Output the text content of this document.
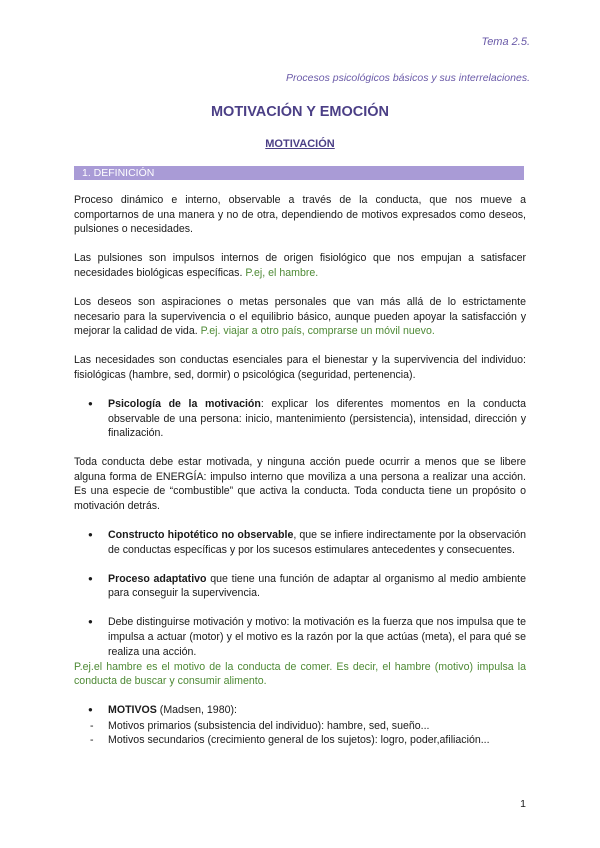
Tema 2.5.
Procesos psicológicos básicos y sus interrelaciones.
MOTIVACIÓN Y EMOCIÓN
MOTIVACIÓN
1. DEFINICIÓN

Proceso dinámico e interno, observable a través de la conducta, que nos mueve a comportarnos de una manera y no de otra, dependiendo de motivos expresados como deseos, pulsiones o necesidades.

Las pulsiones son impulsos internos de origen fisiológico que nos empujan a satisfacer necesidades biológicas específicas. P.ej, el hambre.

Los deseos son aspiraciones o metas personales que van más allá de lo estrictamente necesario para la supervivencia o el equilibrio básico, aunque pueden apoyar la satisfacción y mejorar la calidad de vida. P.ej. viajar a otro país, comprarse un móvil nuevo.

Las necesidades son conductas esenciales para el bienestar y la supervivencia del individuo: fisiológicas (hambre, sed, dormir) o psicológica (seguridad, pertenencia).

● Psicología de la motivación: explicar los diferentes momentos en la conducta observable de una persona: inicio, mantenimiento (persistencia), intensidad, dirección y finalización.

Toda conducta debe estar motivada, y ninguna acción puede ocurrir a menos que se libere alguna forma de ENERGÍA: impulso interno que moviliza a una persona a realizar una acción. Es una especie de “combustible” que activa la conducta. Toda conducta tiene un propósito o motivación detrás.

● Constructo hipotético no observable, que se infiere indirectamente por la observación de conductas específicas y por los sucesos estimulares antecedentes y consecuentes.
● Proceso adaptativo que tiene una función de adaptar al organismo al medio ambiente para conseguir la supervivencia.
● Debe distinguirse motivación y motivo: la motivación es la fuerza que nos impulsa que te impulsa a actuar (motor) y el motivo es la razón por la que actúas (meta), el para qué se realiza una acción.

P.ej.el hambre es el motivo de la conducta de comer. Es decir, el hambre (motivo) impulsa la conducta de buscar y consumir alimento.

● MOTIVOS (Madsen, 1980):
- Motivos primarios (subsistencia del individuo): hambre, sed, sueño...
- Motivos secundarios (crecimiento general de los sujetos): logro, poder,afiliación...
1
